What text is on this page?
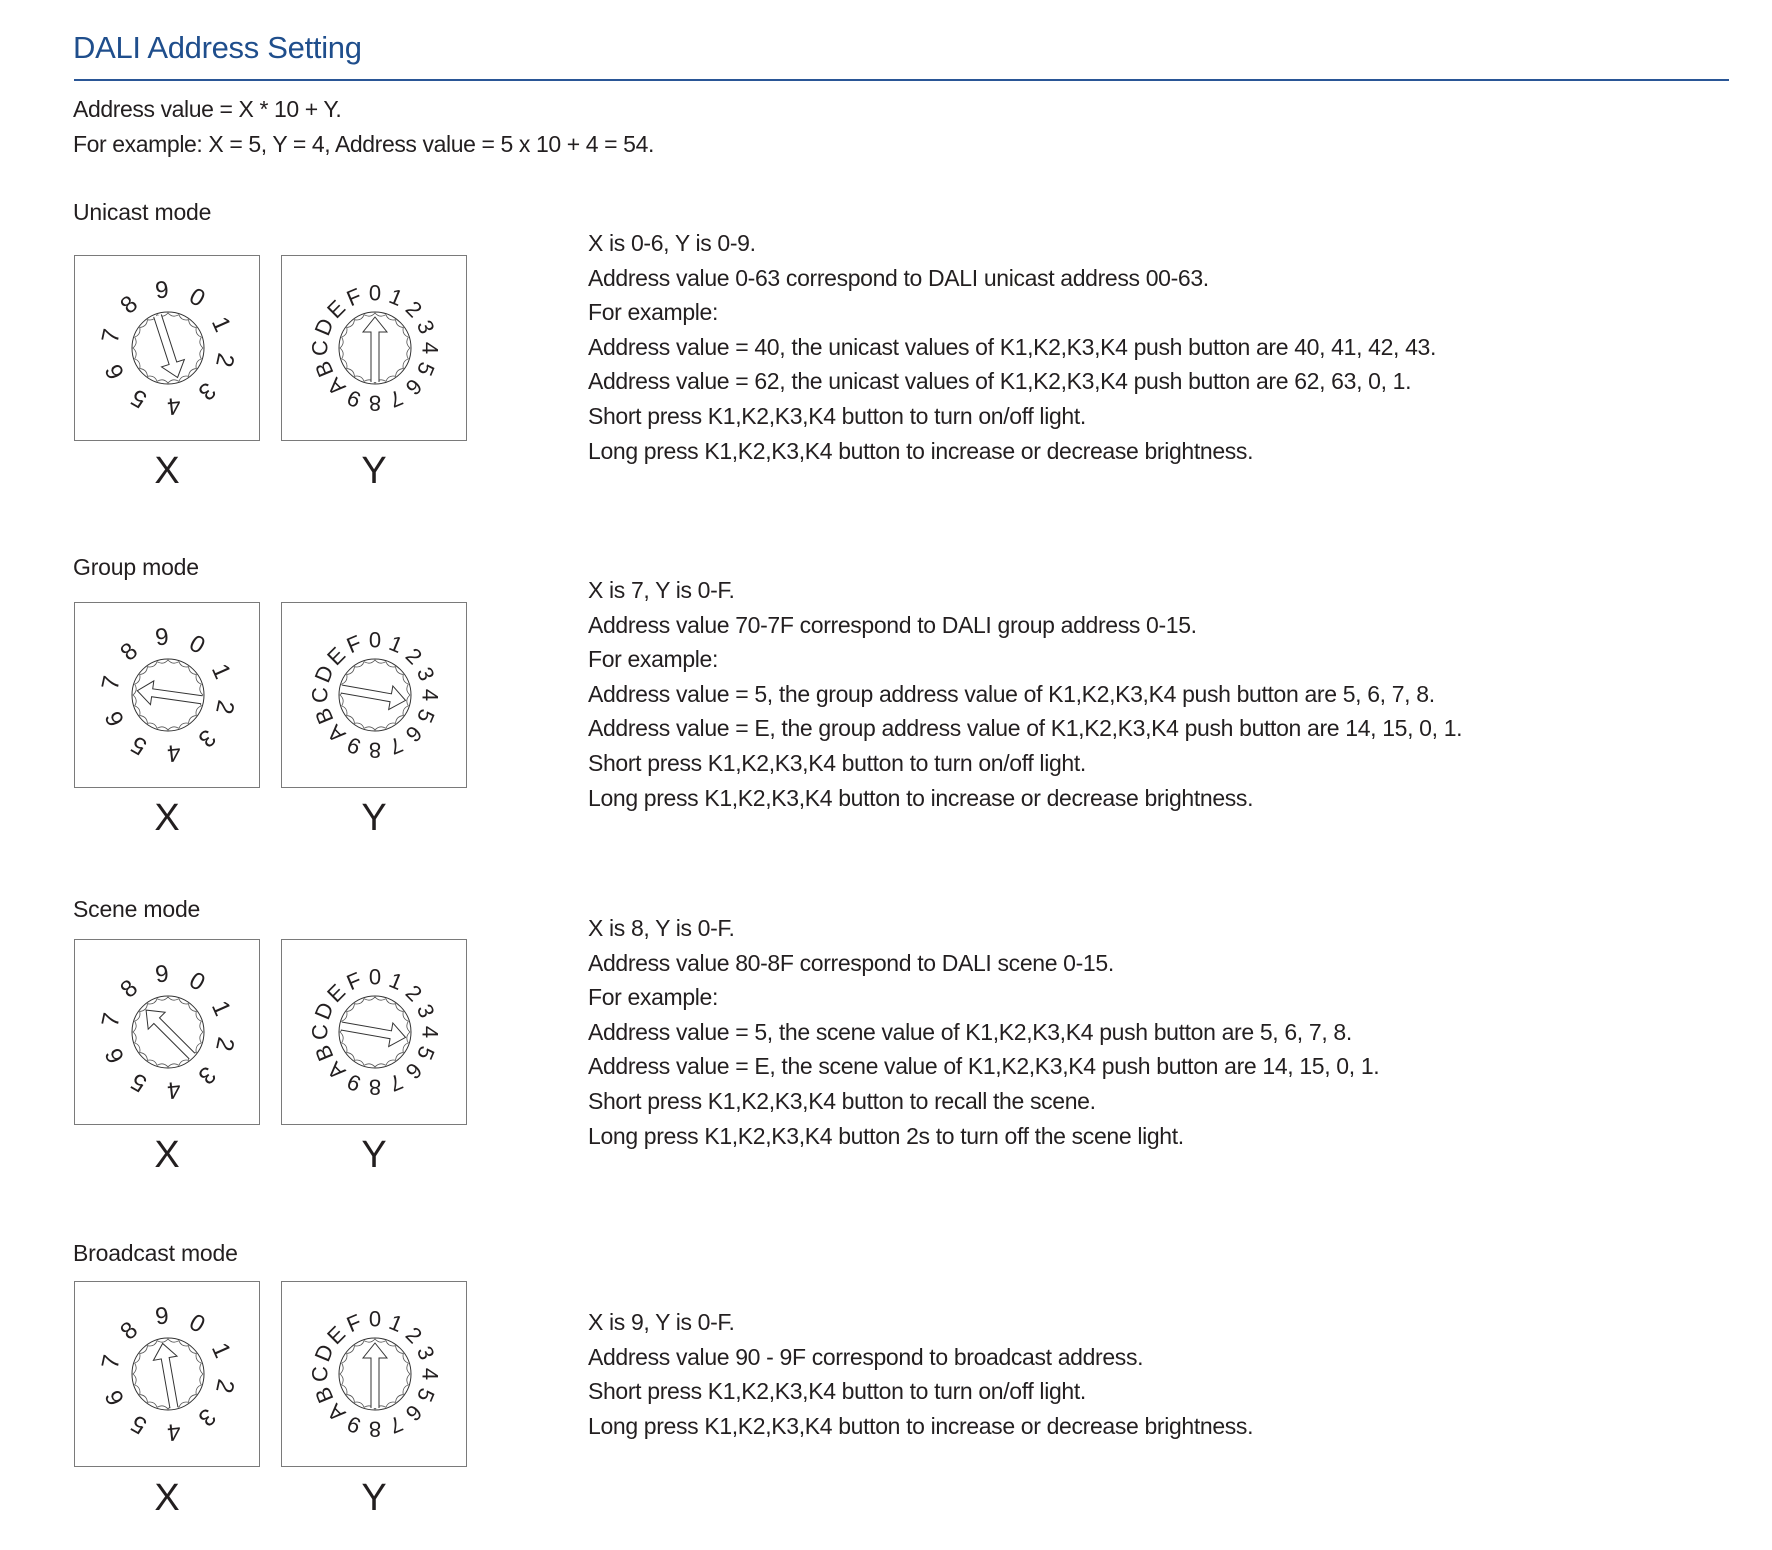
DALI Address Setting
Address value = X * 10 + Y.
For example: X = 5, Y = 4, Address value = 5 x 10 + 4 = 54.
Unicast mode
0
1
2
3
4
5
6
7
8
9	0 1
2
3
4
5
6
7
8
9
A
B
C
D
E
F
X	Y
X is 0-6, Y is 0-9.
Address value 0-63 correspond to DALI unicast address 00-63.
For example:
Address value = 40, the unicast values of K1,K2,K3,K4 push button are 40, 41, 42, 43.
Address value = 62, the unicast values of K1,K2,K3,K4 push button are 62, 63, 0, 1.
Short press K1,K2,K3,K4 button to turn on/off light.
Long press K1,K2,K3,K4 button to increase or decrease brightness.
Group mode
0
1
2
3
4
5
6
7
8
9	0 1
2
3
4
5
6
7
8
9
A
B
C
D
E
F
X	Y
X is 7, Y is 0-F.
Address value 70-7F correspond to DALI group address 0-15.
For example:
Address value = 5, the group address value of K1,K2,K3,K4 push button are 5, 6, 7, 8.
Address value = E, the group address value of K1,K2,K3,K4 push button are 14, 15, 0, 1.
Short press K1,K2,K3,K4 button to turn on/off light.
Long press K1,K2,K3,K4 button to increase or decrease brightness.
Scene mode
0
1
2
3
4
5
6
7
8
9	0 1
2
3
4
5
6
7
8
9
A
B
C
D
E
F
X	Y
X is 8, Y is 0-F.
Address value 80-8F correspond to DALI scene 0-15.
For example:
Address value = 5, the scene value of K1,K2,K3,K4 push button are 5, 6, 7, 8.
Address value = E, the scene value of K1,K2,K3,K4 push button are 14, 15, 0, 1.
Short press K1,K2,K3,K4 button to recall the scene.
Long press K1,K2,K3,K4 button 2s to turn off the scene light.
Broadcast mode
0
1
2
3
4
5
6
7
8
9	0 1
2
3
4
5
6
7
8
9
A
B
C
D
E
F
X	Y
X is 9, Y is 0-F.
Address value 90 - 9F correspond to broadcast address.
Short press K1,K2,K3,K4 button to turn on/off light.
Long press K1,K2,K3,K4 button to increase or decrease brightness.
